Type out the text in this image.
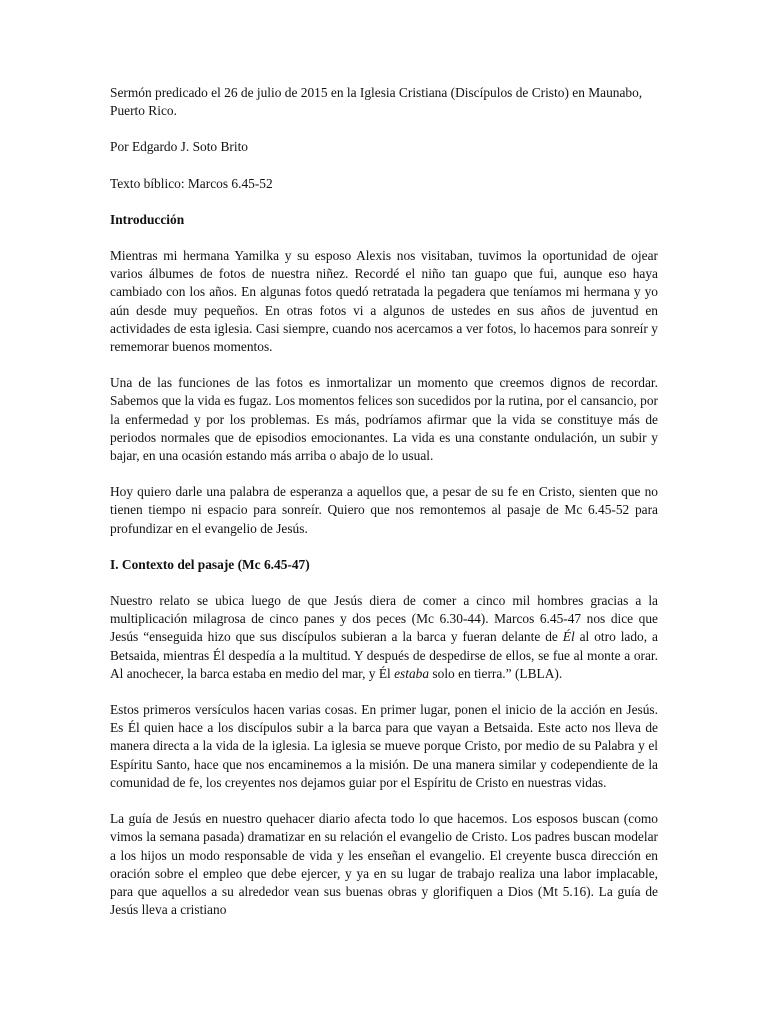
Sermón predicado el 26 de julio de 2015 en la Iglesia Cristiana (Discípulos de Cristo) en Maunabo, Puerto Rico.

Por Edgardo J. Soto Brito

Texto bíblico: Marcos 6.45-52

Introducción

Mientras mi hermana Yamilka y su esposo Alexis nos visitaban, tuvimos la oportunidad de ojear varios álbumes de fotos de nuestra niñez. Recordé el niño tan guapo que fui, aunque eso haya cambiado con los años. En algunas fotos quedó retratada la pegadera que teníamos mi hermana y yo aún desde muy pequeños. En otras fotos vi a algunos de ustedes en sus años de juventud en actividades de esta iglesia. Casi siempre, cuando nos acercamos a ver fotos, lo hacemos para sonreír y rememorar buenos momentos.

Una de las funciones de las fotos es inmortalizar un momento que creemos dignos de recordar. Sabemos que la vida es fugaz. Los momentos felices son sucedidos por la rutina, por el cansancio, por la enfermedad y por los problemas. Es más, podríamos afirmar que la vida se constituye más de periodos normales que de episodios emocionantes. La vida es una constante ondulación, un subir y bajar, en una ocasión estando más arriba o abajo de lo usual.

Hoy quiero darle una palabra de esperanza a aquellos que, a pesar de su fe en Cristo, sienten que no tienen tiempo ni espacio para sonreír. Quiero que nos remontemos al pasaje de Mc 6.45-52 para profundizar en el evangelio de Jesús.

I. Contexto del pasaje (Mc 6.45-47)

Nuestro relato se ubica luego de que Jesús diera de comer a cinco mil hombres gracias a la multiplicación milagrosa de cinco panes y dos peces (Mc 6.30-44). Marcos 6.45-47 nos dice que Jesús “enseguida hizo que sus discípulos subieran a la barca y fueran delante de Él al otro lado, a Betsaida, mientras Él despedía a la multitud. Y después de despedirse de ellos, se fue al monte a orar. Al anochecer, la barca estaba en medio del mar, y Él estaba solo en tierra.” (LBLA).

Estos primeros versículos hacen varias cosas. En primer lugar, ponen el inicio de la acción en Jesús. Es Él quien hace a los discípulos subir a la barca para que vayan a Betsaida. Este acto nos lleva de manera directa a la vida de la iglesia. La iglesia se mueve porque Cristo, por medio de su Palabra y el Espíritu Santo, hace que nos encaminemos a la misión. De una manera similar y codependiente de la comunidad de fe, los creyentes nos dejamos guiar por el Espíritu de Cristo en nuestras vidas.

La guía de Jesús en nuestro quehacer diario afecta todo lo que hacemos. Los esposos buscan (como vimos la semana pasada) dramatizar en su relación el evangelio de Cristo. Los padres buscan modelar a los hijos un modo responsable de vida y les enseñan el evangelio. El creyente busca dirección en oración sobre el empleo que debe ejercer, y ya en su lugar de trabajo realiza una labor implacable, para que aquellos a su alrededor vean sus buenas obras y glorifiquen a Dios (Mt 5.16). La guía de Jesús lleva a cristiano
